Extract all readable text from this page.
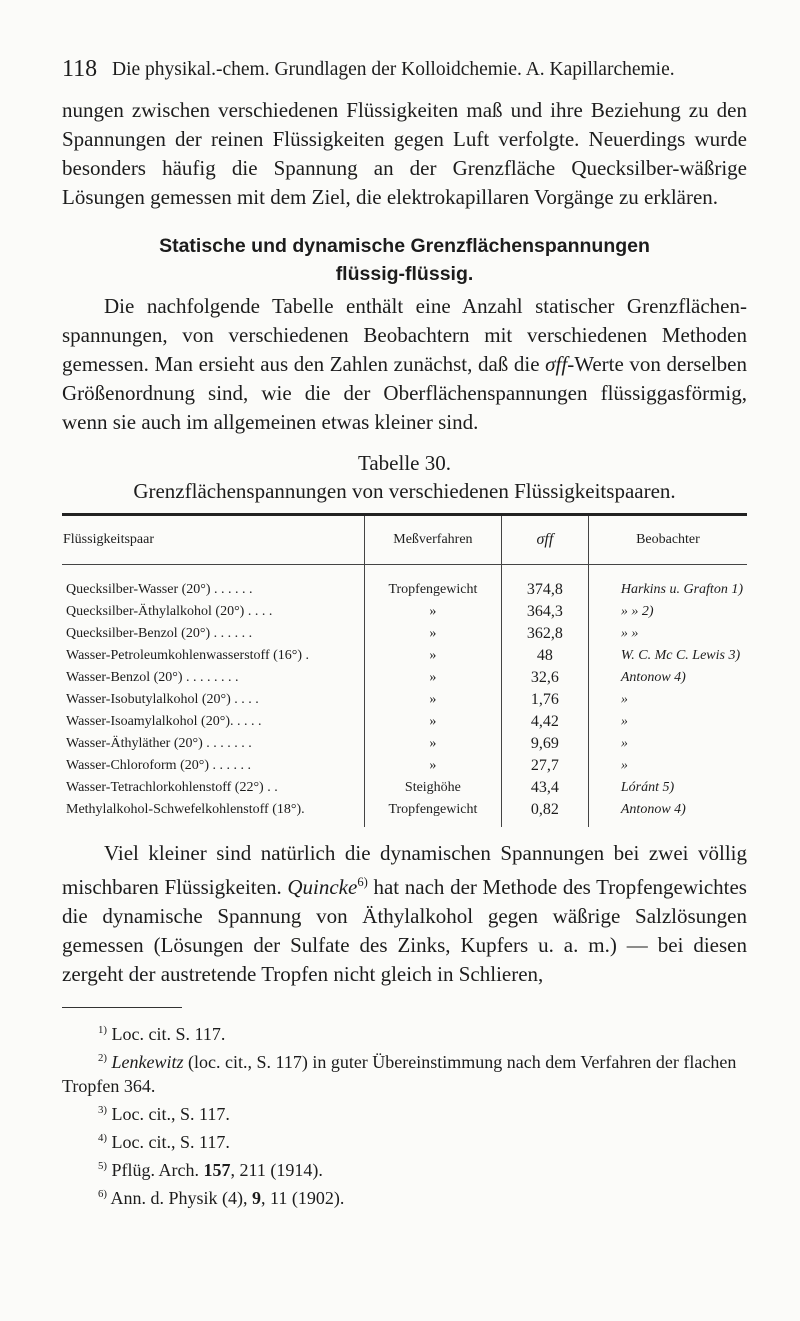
118 Die physikal.-chem. Grundlagen der Kolloidchemie. A. Kapillarchemie.

nungen zwischen verschiedenen Flüssigkeiten maß und ihre Beziehung zu den Spannungen der reinen Flüssigkeiten gegen Luft verfolgte. Neuerdings wurde besonders häufig die Spannung an der Grenzfläche Quecksilber-wäßrige Lösungen gemessen mit dem Ziel, die elektrokapillaren Vorgänge zu erklären.

Statische und dynamische Grenzflächenspannungen
flüssig-flüssig.

Die nachfolgende Tabelle enthält eine Anzahl statischer Grenzflächenspannungen, von verschiedenen Beobachtern mit verschiedenen Methoden gemessen. Man ersieht aus den Zahlen zunächst, daß die σff-Werte von derselben Größenordnung sind, wie die der Oberflächenspannungen flüssiggasförmig, wenn sie auch im allgemeinen etwas kleiner sind.

Tabelle 30.
Grenzflächenspannungen von verschiedenen Flüssigkeitspaaren.
Flüssigkeitspaar	Meßverfahren	σff	Beobachter
Quecksilber-Wasser (20°) . . . . . .	Tropfengewicht	374,8	Harkins u. Grafton 1)
Quecksilber-Äthylalkohol (20°) . . . .	»	364,3	» » 2)
Quecksilber-Benzol (20°) . . . . . .	»	362,8	» »
Wasser-Petroleumkohlenwasserstoff (16°) .	»	48	W. C. Mc C. Lewis 3)
Wasser-Benzol (20°) . . . . . . . .	»	32,6	Antonow 4)
Wasser-Isobutylalkohol (20°) . . . .	»	1,76	»
Wasser-Isoamylalkohol (20°). . . . .	»	4,42	»
Wasser-Äthyläther (20°) . . . . . . .	»	9,69	»
Wasser-Chloroform (20°) . . . . . .	»	27,7	»
Wasser-Tetrachlorkohlenstoff (22°) . .	Steighöhe	43,4	Lóránt 5)
Methylalkohol-Schwefelkohlenstoff (18°).	Tropfengewicht	0,82	Antonow 4)

Viel kleiner sind natürlich die dynamischen Spannungen bei zwei völlig mischbaren Flüssigkeiten. Quincke$^{6)}$ hat nach der Methode des Tropfengewichtes die dynamische Spannung von Äthylalkohol gegen wäßrige Salzlösungen gemessen (Lösungen der Sulfate des Zinks, Kupfers u. a. m.) — bei diesen zergeht der austretende Tropfen nicht gleich in Schlieren,

$^{1)}$ Loc. cit. S. 117.

$^{2)}$ Lenkewitz (loc. cit., S. 117) in guter Übereinstimmung nach dem Verfahren der flachen Tropfen 364.

$^{3)}$ Loc. cit., S. 117.

$^{4)}$ Loc. cit., S. 117.

$^{5)}$ Pflüg. Arch. 157, 211 (1914).

$^{6)}$ Ann. d. Physik (4), 9, 11 (1902).
